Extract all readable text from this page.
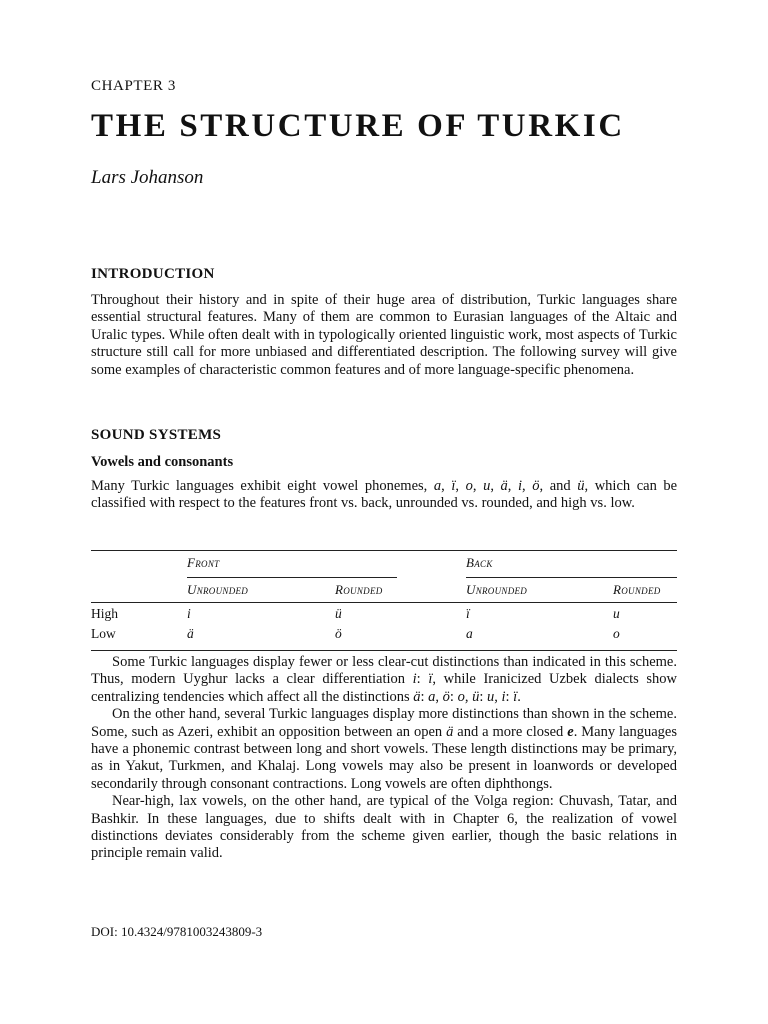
CHAPTER 3

THE STRUCTURE OF TURKIC

Lars Johanson

INTRODUCTION

Throughout their history and in spite of their huge area of distribution, Turkic languages share essential structural features. Many of them are common to Eurasian languages of the Altaic and Uralic types. While often dealt with in typologically oriented linguistic work, most aspects of Turkic structure still call for more unbiased and differentiated description. The following survey will give some examples of characteristic common features and of more language-specific phenomena.

SOUND SYSTEMS
Vowels and consonants

Many Turkic languages exhibit eight vowel phonemes, a, ï, o, u, ä, i, ö, and ü, which can be classified with respect to the features front vs. back, unrounded vs. rounded, and high vs. low.

Front	Back
Unrounded	Rounded	Unrounded	Rounded
High	i	ü	ï	u
Low	ä	ö	a	o

Some Turkic languages display fewer or less clear-cut distinctions than indicated in this scheme. Thus, modern Uyghur lacks a clear differentiation i: ï, while Iranicized Uzbek dialects show centralizing tendencies which affect all the distinctions ä: a, ö: o, ü: u, i: ï.

On the other hand, several Turkic languages display more distinctions than shown in the scheme. Some, such as Azeri, exhibit an opposition between an open ä and a more closed e. Many languages have a phonemic contrast between long and short vowels. These length distinctions may be primary, as in Yakut, Turkmen, and Khalaj. Long vowels may also be present in loanwords or developed secondarily through consonant contractions. Long vowels are often diphthongs.

Near-high, lax vowels, on the other hand, are typical of the Volga region: Chuvash, Tatar, and Bashkir. In these languages, due to shifts dealt with in Chapter 6, the realization of vowel distinctions deviates considerably from the scheme given earlier, though the basic relations in principle remain valid.

DOI: 10.4324/9781003243809-3
